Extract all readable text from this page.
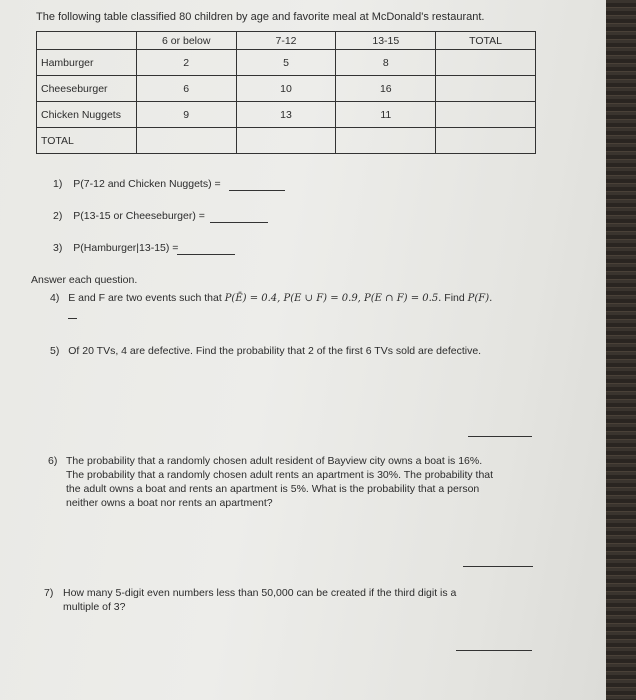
The following table classified 80 children by age and favorite meal at McDonald's restaurant.
	6 or below	7-12	13-15	TOTAL
Hamburger	2	5	8	
Cheeseburger	6	10	16	
Chicken Nuggets	9	13	11	
TOTAL				
1) P(7-12 and Chicken Nuggets) =
2) P(13-15 or Cheeseburger) =
3) P(Hamburger|13-15) =
Answer each question.
4) E and F are two events such that P(Ē) = 0.4, P(E ∪ F) = 0.9, P(E ∩ F) = 0.5. Find P(F).
5) Of 20 TVs, 4 are defective. Find the probability that 2 of the first 6 TVs sold are defective.
6) The probability that a randomly chosen adult resident of Bayview city owns a boat is 16%.
The probability that a randomly chosen adult rents an apartment is 30%. The probability that
the adult owns a boat and rents an apartment is 5%. What is the probability that a person
neither owns a boat nor rents an apartment?
7) How many 5-digit even numbers less than 50,000 can be created if the third digit is a
multiple of 3?
